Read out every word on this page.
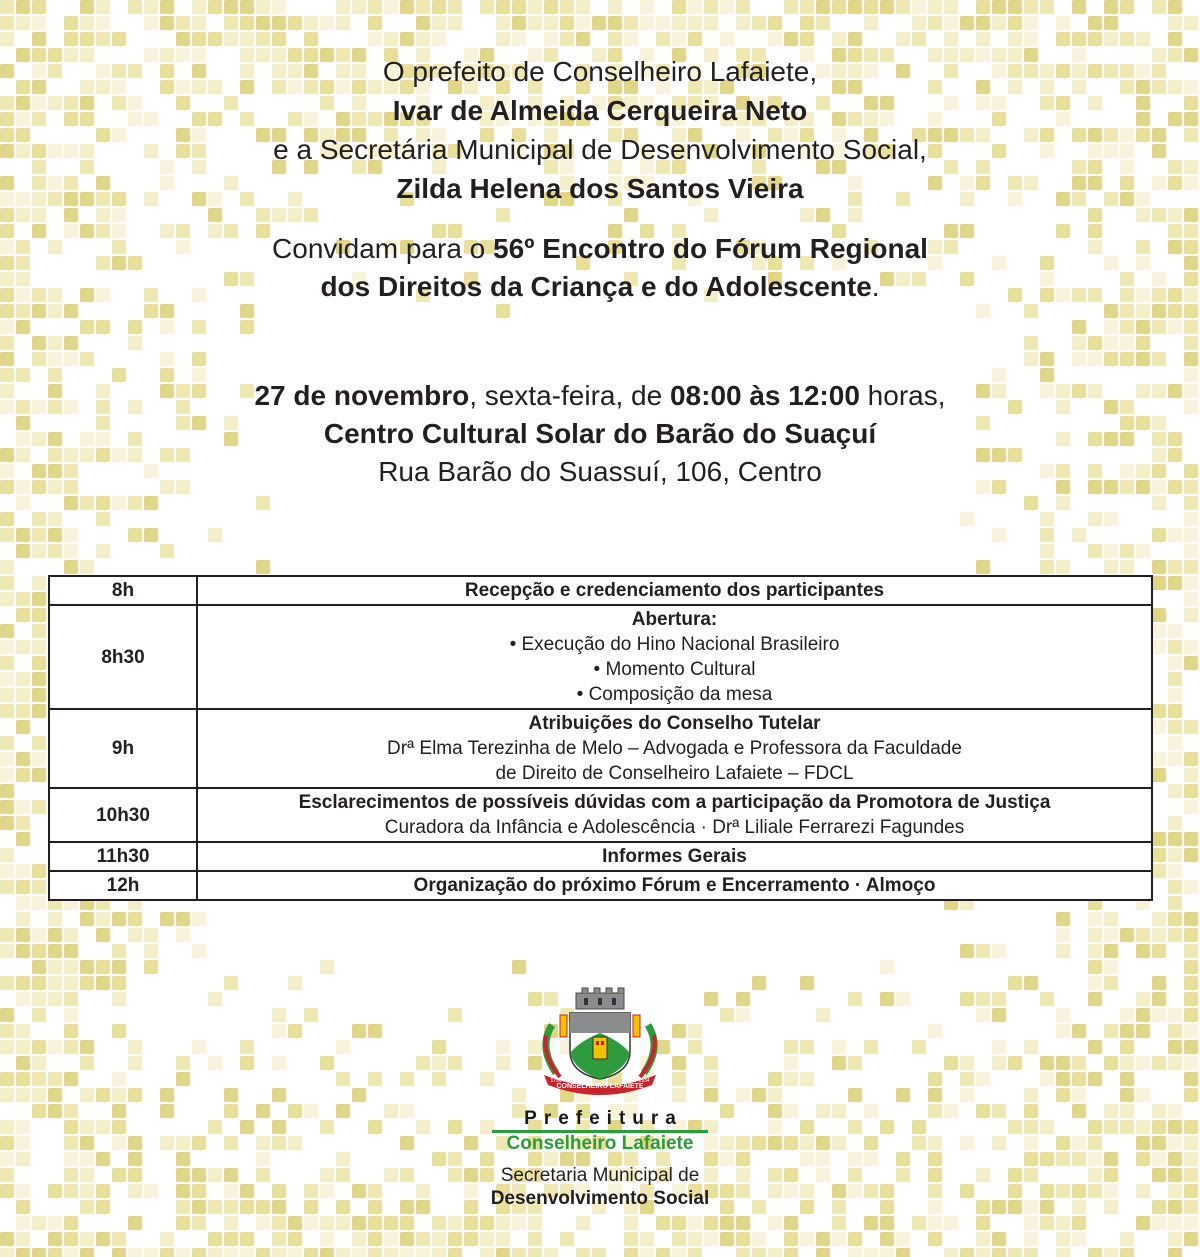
O prefeito de Conselheiro Lafaiete,

Ivar de Almeida Cerqueira Neto

e a Secretária Municipal de Desenvolvimento Social,

Zilda Helena dos Santos Vieira

Convidam para o 56º Encontro do Fórum Regional

dos Direitos da Criança e do Adolescente.

27 de novembro, sexta-feira, de 08:00 às 12:00 horas,

Centro Cultural Solar do Barão do Suaçuí

Rua Barão do Suassuí, 106, Centro

8h	Recepção e credenciamento dos participantes

8h30	Abertura:
• Execução do Hino Nacional Brasileiro
• Momento Cultural
• Composição da mesa

9h	Atribuições do Conselho Tutelar
Drª Elma Terezinha de Melo – Advogada e Professora da Faculdade
de Direito de Conselheiro Lafaiete – FDCL

10h30	Esclarecimentos de possíveis dúvidas com a participação da Promotora de Justiça
Curadora da Infância e Adolescência · Drª Liliale Ferrarezi Fagundes

11h30	Informes Gerais

12h	Organização do próximo Fórum e Encerramento · Almoço
CONSELHEIRO LAFAIETE
1790	1934
Prefeitura
Conselheiro Lafaiete
Secretaria Municipal de
Desenvolvimento Social
